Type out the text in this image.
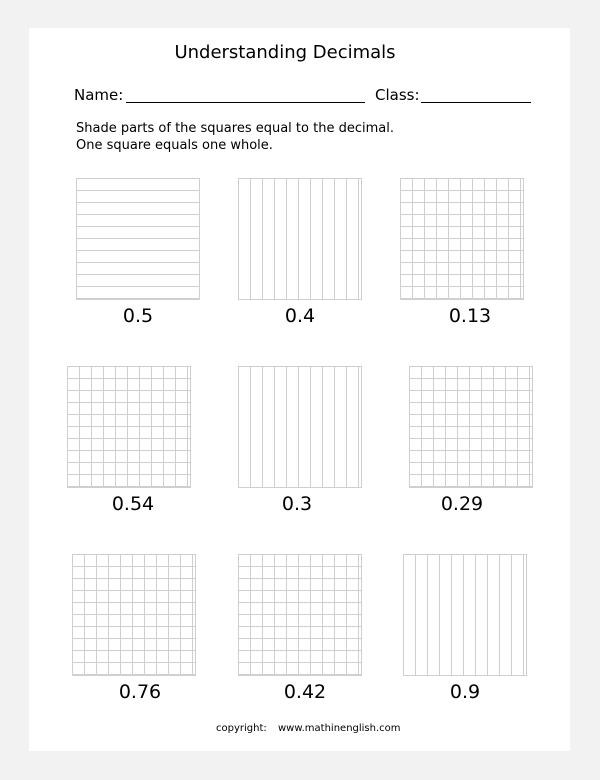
Understanding Decimals
Name:	Class:
Shade parts of the squares equal to the decimal.
One square equals one whole.
0.5	0.4	0.13
0.54	0.3	0.29
0.76	0.42	0.9
copyright: www.mathinenglish.com
